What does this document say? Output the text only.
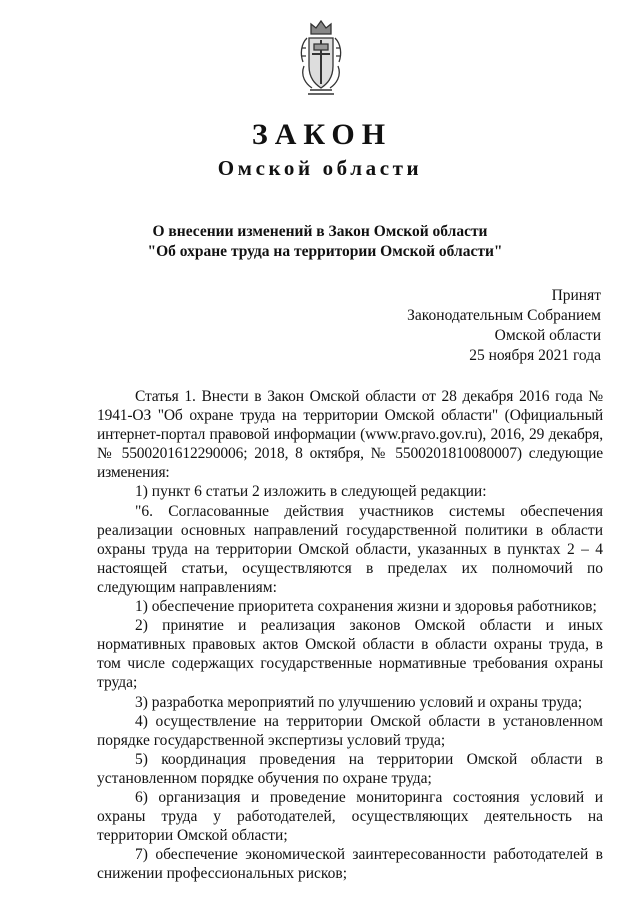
ЗАКОН
Омской области
О внесении изменений в Закон Омской области
"Об охране труда на территории Омской области"
Принят
Законодательным Собранием
Омской области
25 ноября 2021 года

Статья 1. Внести в Закон Омской области от 28 декабря 2016 года № 1941-ОЗ "Об охране труда на территории Омской области" (Официальный интернет-портал правовой информации (www.pravo.gov.ru), 2016, 29 декабря, № 5500201612290006; 2018, 8 октября, № 5500201810080007) следующие изменения:

1) пункт 6 статьи 2 изложить в следующей редакции:

"6. Согласованные действия участников системы обеспечения реализации основных направлений государственной политики в области охраны труда на территории Омской области, указанных в пунктах 2 – 4 настоящей статьи, осуществляются в пределах их полномочий по следующим направлениям:

1) обеспечение приоритета сохранения жизни и здоровья работников;

2) принятие и реализация законов Омской области и иных нормативных правовых актов Омской области в области охраны труда, в том числе содержащих государственные нормативные требования охраны труда;

3) разработка мероприятий по улучшению условий и охраны труда;

4) осуществление на территории Омской области в установленном порядке государственной экспертизы условий труда;

5) координация проведения на территории Омской области в установленном порядке обучения по охране труда;

6) организация и проведение мониторинга состояния условий и охраны труда у работодателей, осуществляющих деятельность на территории Омской области;

7) обеспечение экономической заинтересованности работодателей в снижении профессиональных рисков;
